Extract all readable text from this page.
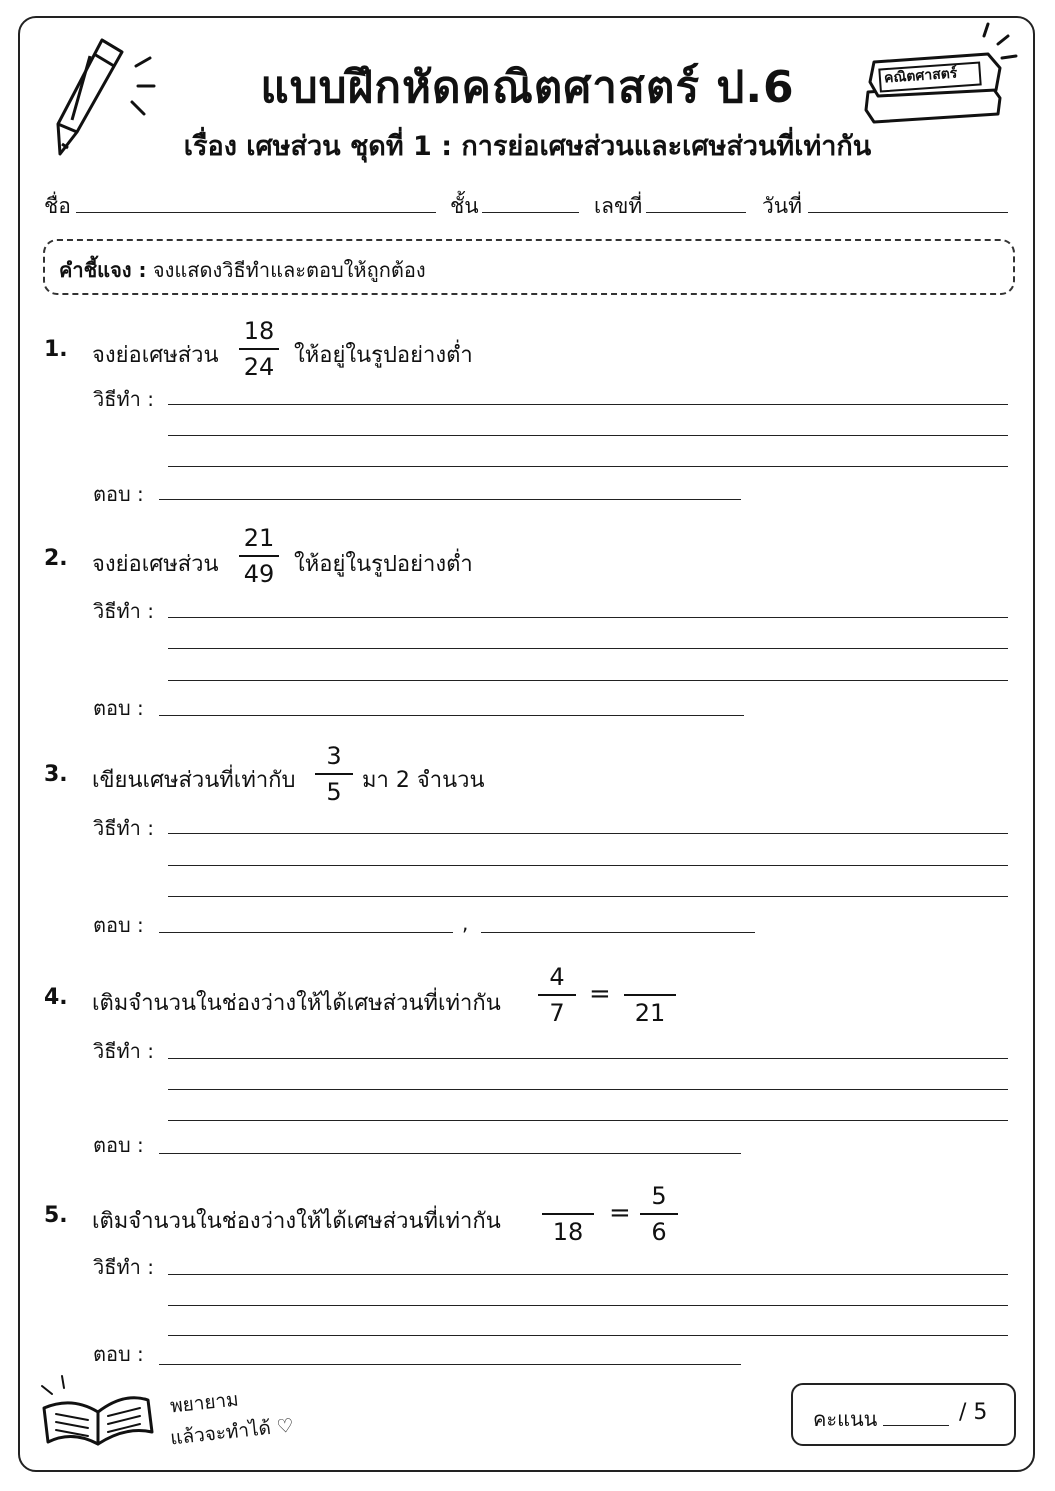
คณิตศาสตร์
แบบฝึกหัดคณิตศาสตร์ ป.6
เรื่อง เศษส่วน ชุดที่ 1 : การย่อเศษส่วนและเศษส่วนที่เท่ากัน
ชื่อ	ชั้น	เลขที่	วันที่
คำชี้แจง : จงแสดงวิธีทำและตอบให้ถูกต้อง
1. จงย่อเศษส่วน
18
24 ให้อยู่ในรูปอย่างต่ำ
วิธีทำ :
ตอบ :
2. จงย่อเศษส่วน
21
49 ให้อยู่ในรูปอย่างต่ำ
วิธีทำ :
ตอบ :
3. เขียนเศษส่วนที่เท่ากับ
3
5 มา 2 จำนวน
วิธีทำ :
ตอบ :	,
4. เติมจำนวนในช่องว่างให้ได้เศษส่วนที่เท่ากัน
4
7
=
21
วิธีทำ :
ตอบ :
5. เติมจำนวนในช่องว่างให้ได้เศษส่วนที่เท่ากัน	18
=
5
6
วิธีทำ :
ตอบ :
พยายาม
แล้วจะทำได้ ♡	คะแนน	/ 5
